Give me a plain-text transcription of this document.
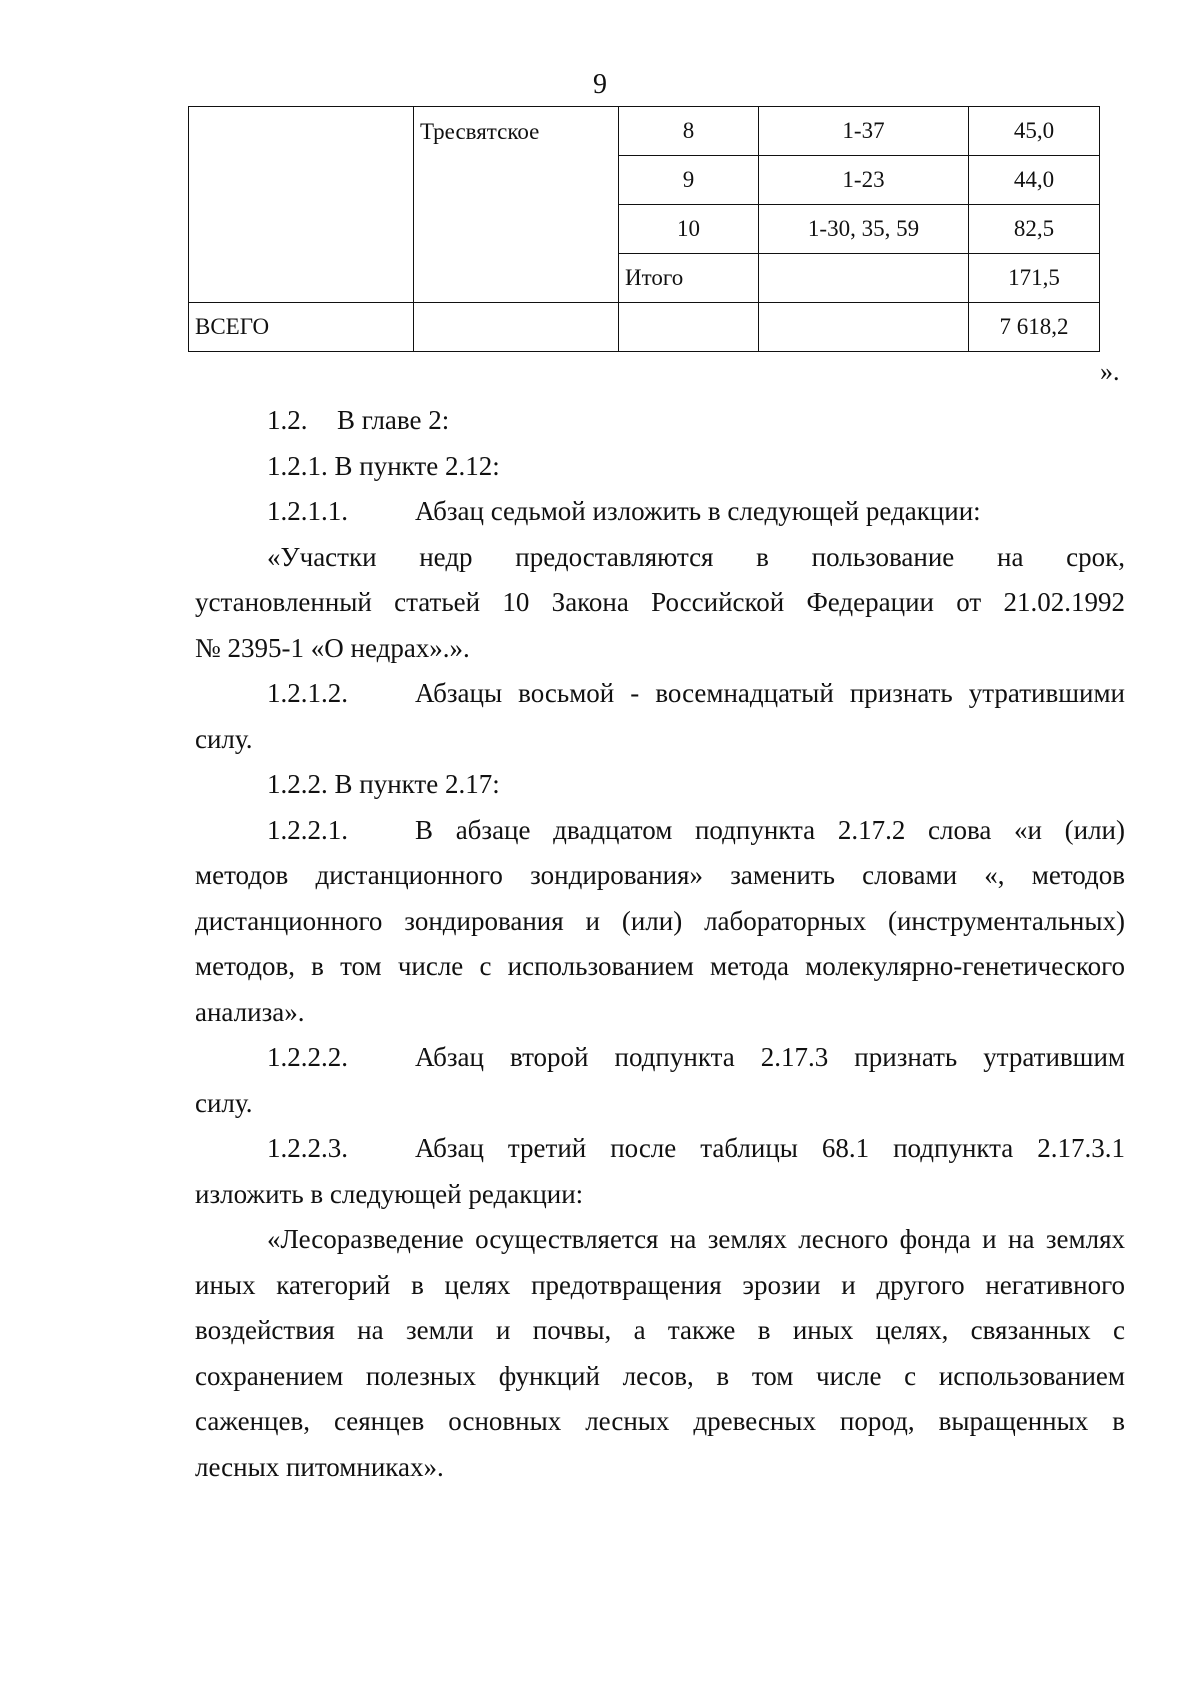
9
	Тресвятское	8	1-37	45,0
		9	1-23	44,0
		10	1-30, 35, 59	82,5
		Итого		171,5
ВСЕГО				7 618,2
».

1.2. В главе 2:

1.2.1. В пункте 2.12:

1.2.1.1. Абзац седьмой изложить в следующей редакции:

«Участки недр предоставляются в пользование на срок,

установленный статьей 10 Закона Российской Федерации от 21.02.1992

№ 2395-1 «О недрах».».

1.2.1.2. Абзацы восьмой - восемнадцатый признать утратившими

силу.

1.2.2. В пункте 2.17:

1.2.2.1. В абзаце двадцатом подпункта 2.17.2 слова «и (или)

методов дистанционного зондирования» заменить словами «, методов

дистанционного зондирования и (или) лабораторных (инструментальных)

методов, в том числе с использованием метода молекулярно-генетического

анализа».

1.2.2.2. Абзац второй подпункта 2.17.3 признать утратившим

силу.

1.2.2.3. Абзац третий после таблицы 68.1 подпункта 2.17.3.1

изложить в следующей редакции:

«Лесоразведение осуществляется на землях лесного фонда и на землях

иных категорий в целях предотвращения эрозии и другого негативного

воздействия на земли и почвы, а также в иных целях, связанных с

сохранением полезных функций лесов, в том числе с использованием

саженцев, сеянцев основных лесных древесных пород, выращенных в

лесных питомниках».
